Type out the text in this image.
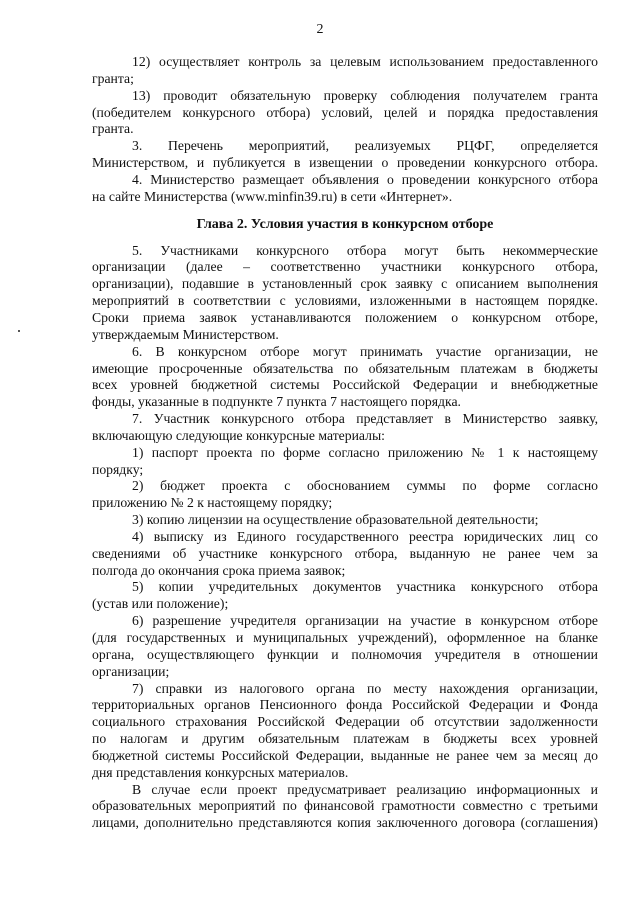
2
12) осуществляет контроль за целевым использованием предоставленного
гранта;
13) проводит обязательную проверку соблюдения получателем гранта
(победителем конкурсного отбора) условий, целей и порядка предоставления
гранта.
3. Перечень мероприятий, реализуемых РЦФГ, определяется
Министерством, и публикуется в извещении о проведении конкурсного отбора.
4. Министерство размещает объявления о проведении конкурсного отбора
на сайте Министерства (www.minfin39.ru) в сети «Интернет».
Глава 2. Условия участия в конкурсном отборе
5. Участниками конкурсного отбора могут быть некоммерческие
организации (далее – соответственно участники конкурсного отбора,
организации), подавшие в установленный срок заявку с описанием выполнения
мероприятий в соответствии с условиями, изложенными в настоящем порядке.
Сроки приема заявок устанавливаются положением о конкурсном отборе,
утверждаемым Министерством.
6. В конкурсном отборе могут принимать участие организации, не
имеющие просроченные обязательства по обязательным платежам в бюджеты
всех уровней бюджетной системы Российской Федерации и внебюджетные
фонды, указанные в подпункте 7 пункта 7 настоящего порядка.
7. Участник конкурсного отбора представляет в Министерство заявку,
включающую следующие конкурсные материалы:
1) паспорт проекта по форме согласно приложению № 1 к настоящему
порядку;
2) бюджет проекта с обоснованием суммы по форме согласно
приложению № 2 к настоящему порядку;
3) копию лицензии на осуществление образовательной деятельности;
4) выписку из Единого государственного реестра юридических лиц со
сведениями об участнике конкурсного отбора, выданную не ранее чем за
полгода до окончания срока приема заявок;
5) копии учредительных документов участника конкурсного отбора
(устав или положение);
6) разрешение учредителя организации на участие в конкурсном отборе
(для государственных и муниципальных учреждений), оформленное на бланке
органа, осуществляющего функции и полномочия учредителя в отношении
организации;
7) справки из налогового органа по месту нахождения организации,
территориальных органов Пенсионного фонда Российской Федерации и Фонда
социального страхования Российской Федерации об отсутствии задолженности
по налогам и другим обязательным платежам в бюджеты всех уровней
бюджетной системы Российской Федерации, выданные не ранее чем за месяц до
дня представления конкурсных материалов.
В случае если проект предусматривает реализацию информационных и
образовательных мероприятий по финансовой грамотности совместно с третьими
лицами, дополнительно представляются копия заключенного договора (соглашения)
